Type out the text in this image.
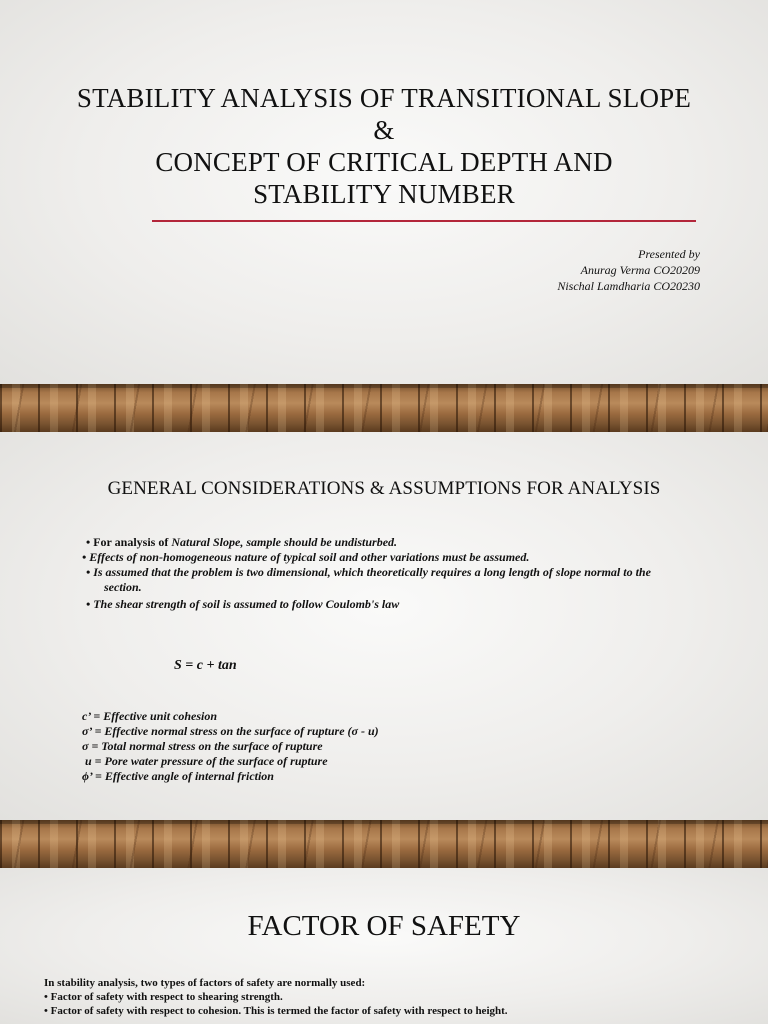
STABILITY ANALYSIS OF TRANSITIONAL SLOPE
&
CONCEPT OF CRITICAL DEPTH AND
STABILITY NUMBER
Presented by
Anurag Verma CO20209
Nischal Lamdharia CO20230
GENERAL CONSIDERATIONS & ASSUMPTIONS FOR ANALYSIS
• For analysis of Natural Slope, sample should be undisturbed.
• Effects of non-homogeneous nature of typical soil and other variations must be assumed.
• Is assumed that the problem is two dimensional, which theoretically requires a long length of slope normal to the
section.
• The shear strength of soil is assumed to follow Coulomb's law
S = c + tan
c’ = Effective unit cohesion
σ’ = Effective normal stress on the surface of rupture (σ - u)
σ = Total normal stress on the surface of rupture
u = Pore water pressure of the surface of rupture
ϕ’ = Effective angle of internal friction
FACTOR OF SAFETY
In stability analysis, two types of factors of safety are normally used:
• Factor of safety with respect to shearing strength.
• Factor of safety with respect to cohesion. This is termed the factor of safety with respect to height.
